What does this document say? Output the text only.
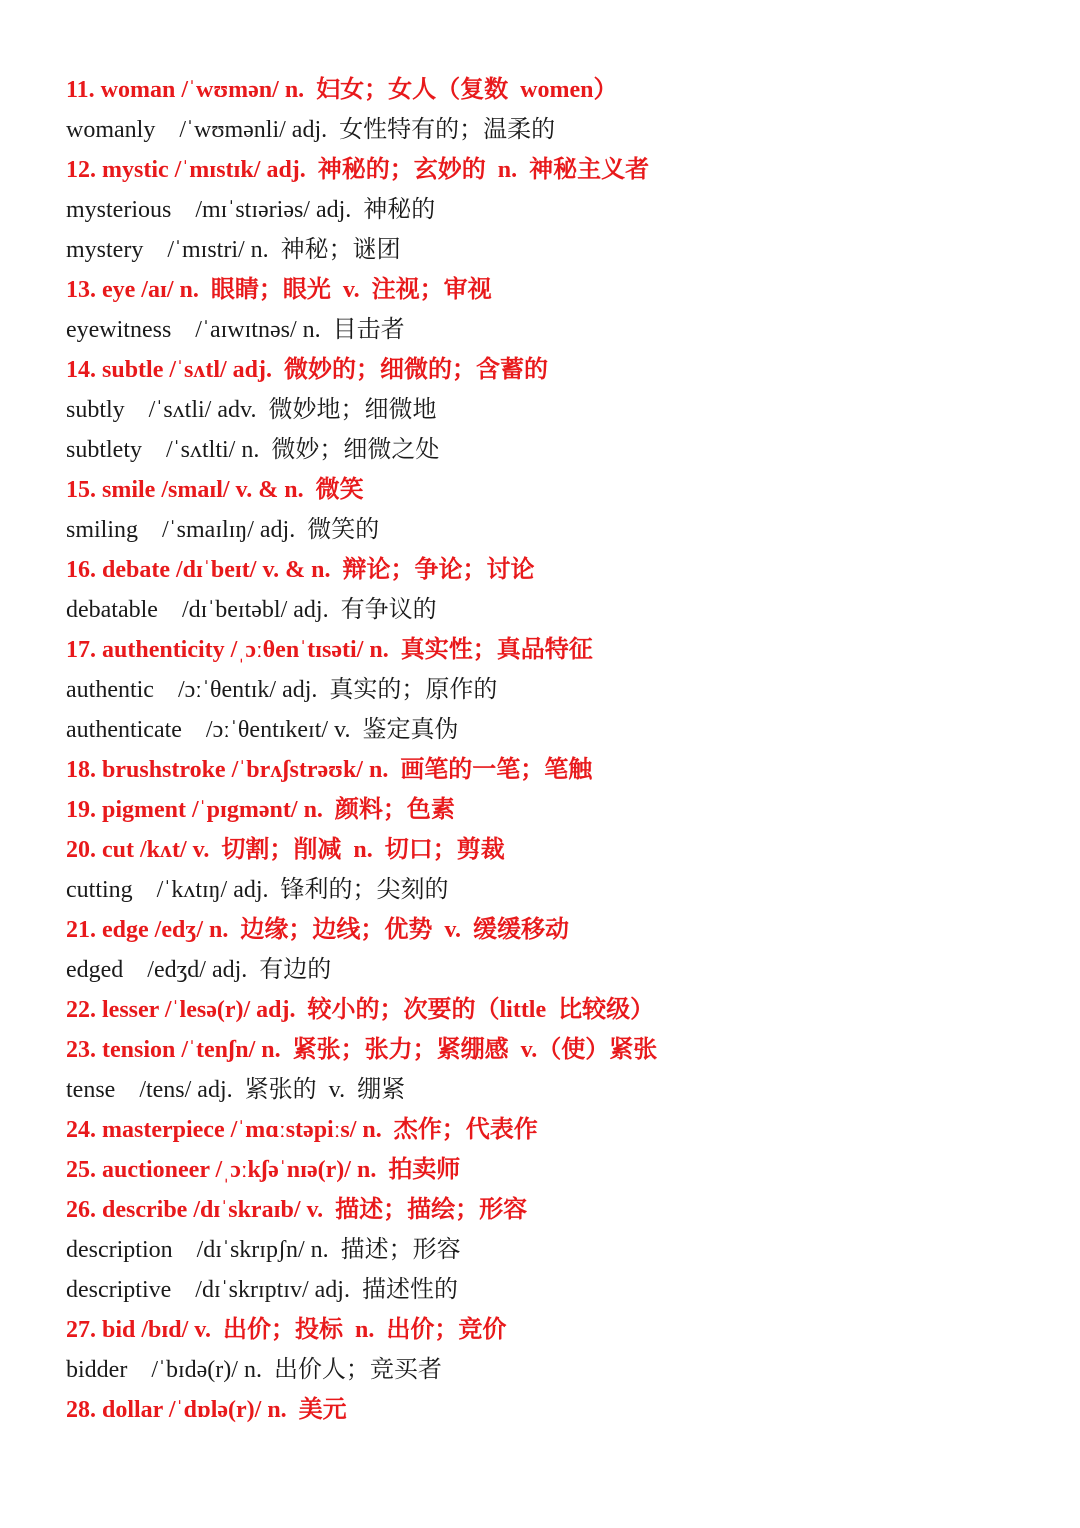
11. woman /ˈwʊmən/ n.  妇女；女人（复数  women）
womanly    /ˈwʊmənli/ adj.  女性特有的；温柔的
12. mystic /ˈmɪstɪk/ adj.  神秘的；玄妙的  n.  神秘主义者
mysterious    /mɪˈstɪəriəs/ adj.  神秘的
mystery    /ˈmɪstri/ n.  神秘；谜团
13. eye /aɪ/ n.  眼睛；眼光  v.  注视；审视
eyewitness    /ˈaɪwɪtnəs/ n.  目击者
14. subtle /ˈsʌtl/ adj.  微妙的；细微的；含蓄的
subtly    /ˈsʌtli/ adv.  微妙地；细微地
subtlety    /ˈsʌtlti/ n.  微妙；细微之处
15. smile /smaɪl/ v. & n.  微笑
smiling    /ˈsmaɪlɪŋ/ adj.  微笑的
16. debate /dɪˈbeɪt/ v. & n.  辩论；争论；讨论
debatable    /dɪˈbeɪtəbl/ adj.  有争议的
17. authenticity /ˌɔːθenˈtɪsəti/ n.  真实性；真品特征
authentic    /ɔːˈθentɪk/ adj.  真实的；原作的
authenticate    /ɔːˈθentɪkeɪt/ v.  鉴定真伪
18. brushstroke /ˈbrʌʃstrəʊk/ n.  画笔的一笔；笔触
19. pigment /ˈpɪgmənt/ n.  颜料；色素
20. cut /kʌt/ v.  切割；削减  n.  切口；剪裁
cutting    /ˈkʌtɪŋ/ adj.  锋利的；尖刻的
21. edge /edʒ/ n.  边缘；边线；优势  v.  缓缓移动
edged    /edʒd/ adj.  有边的
22. lesser /ˈlesə(r)/ adj.  较小的；次要的（little  比较级）
23. tension /ˈtenʃn/ n.  紧张；张力；紧绷感  v.（使）紧张
tense    /tens/ adj.  紧张的  v.  绷紧
24. masterpiece /ˈmɑːstəpiːs/ n.  杰作；代表作
25. auctioneer /ˌɔːkʃəˈnɪə(r)/ n.  拍卖师
26. describe /dɪˈskraɪb/ v.  描述；描绘；形容
description    /dɪˈskrɪpʃn/ n.  描述；形容
descriptive    /dɪˈskrɪptɪv/ adj.  描述性的
27. bid /bɪd/ v.  出价；投标  n.  出价；竞价
bidder    /ˈbɪdə(r)/ n.  出价人；竞买者
28. dollar /ˈdɒlə(r)/ n.  美元
